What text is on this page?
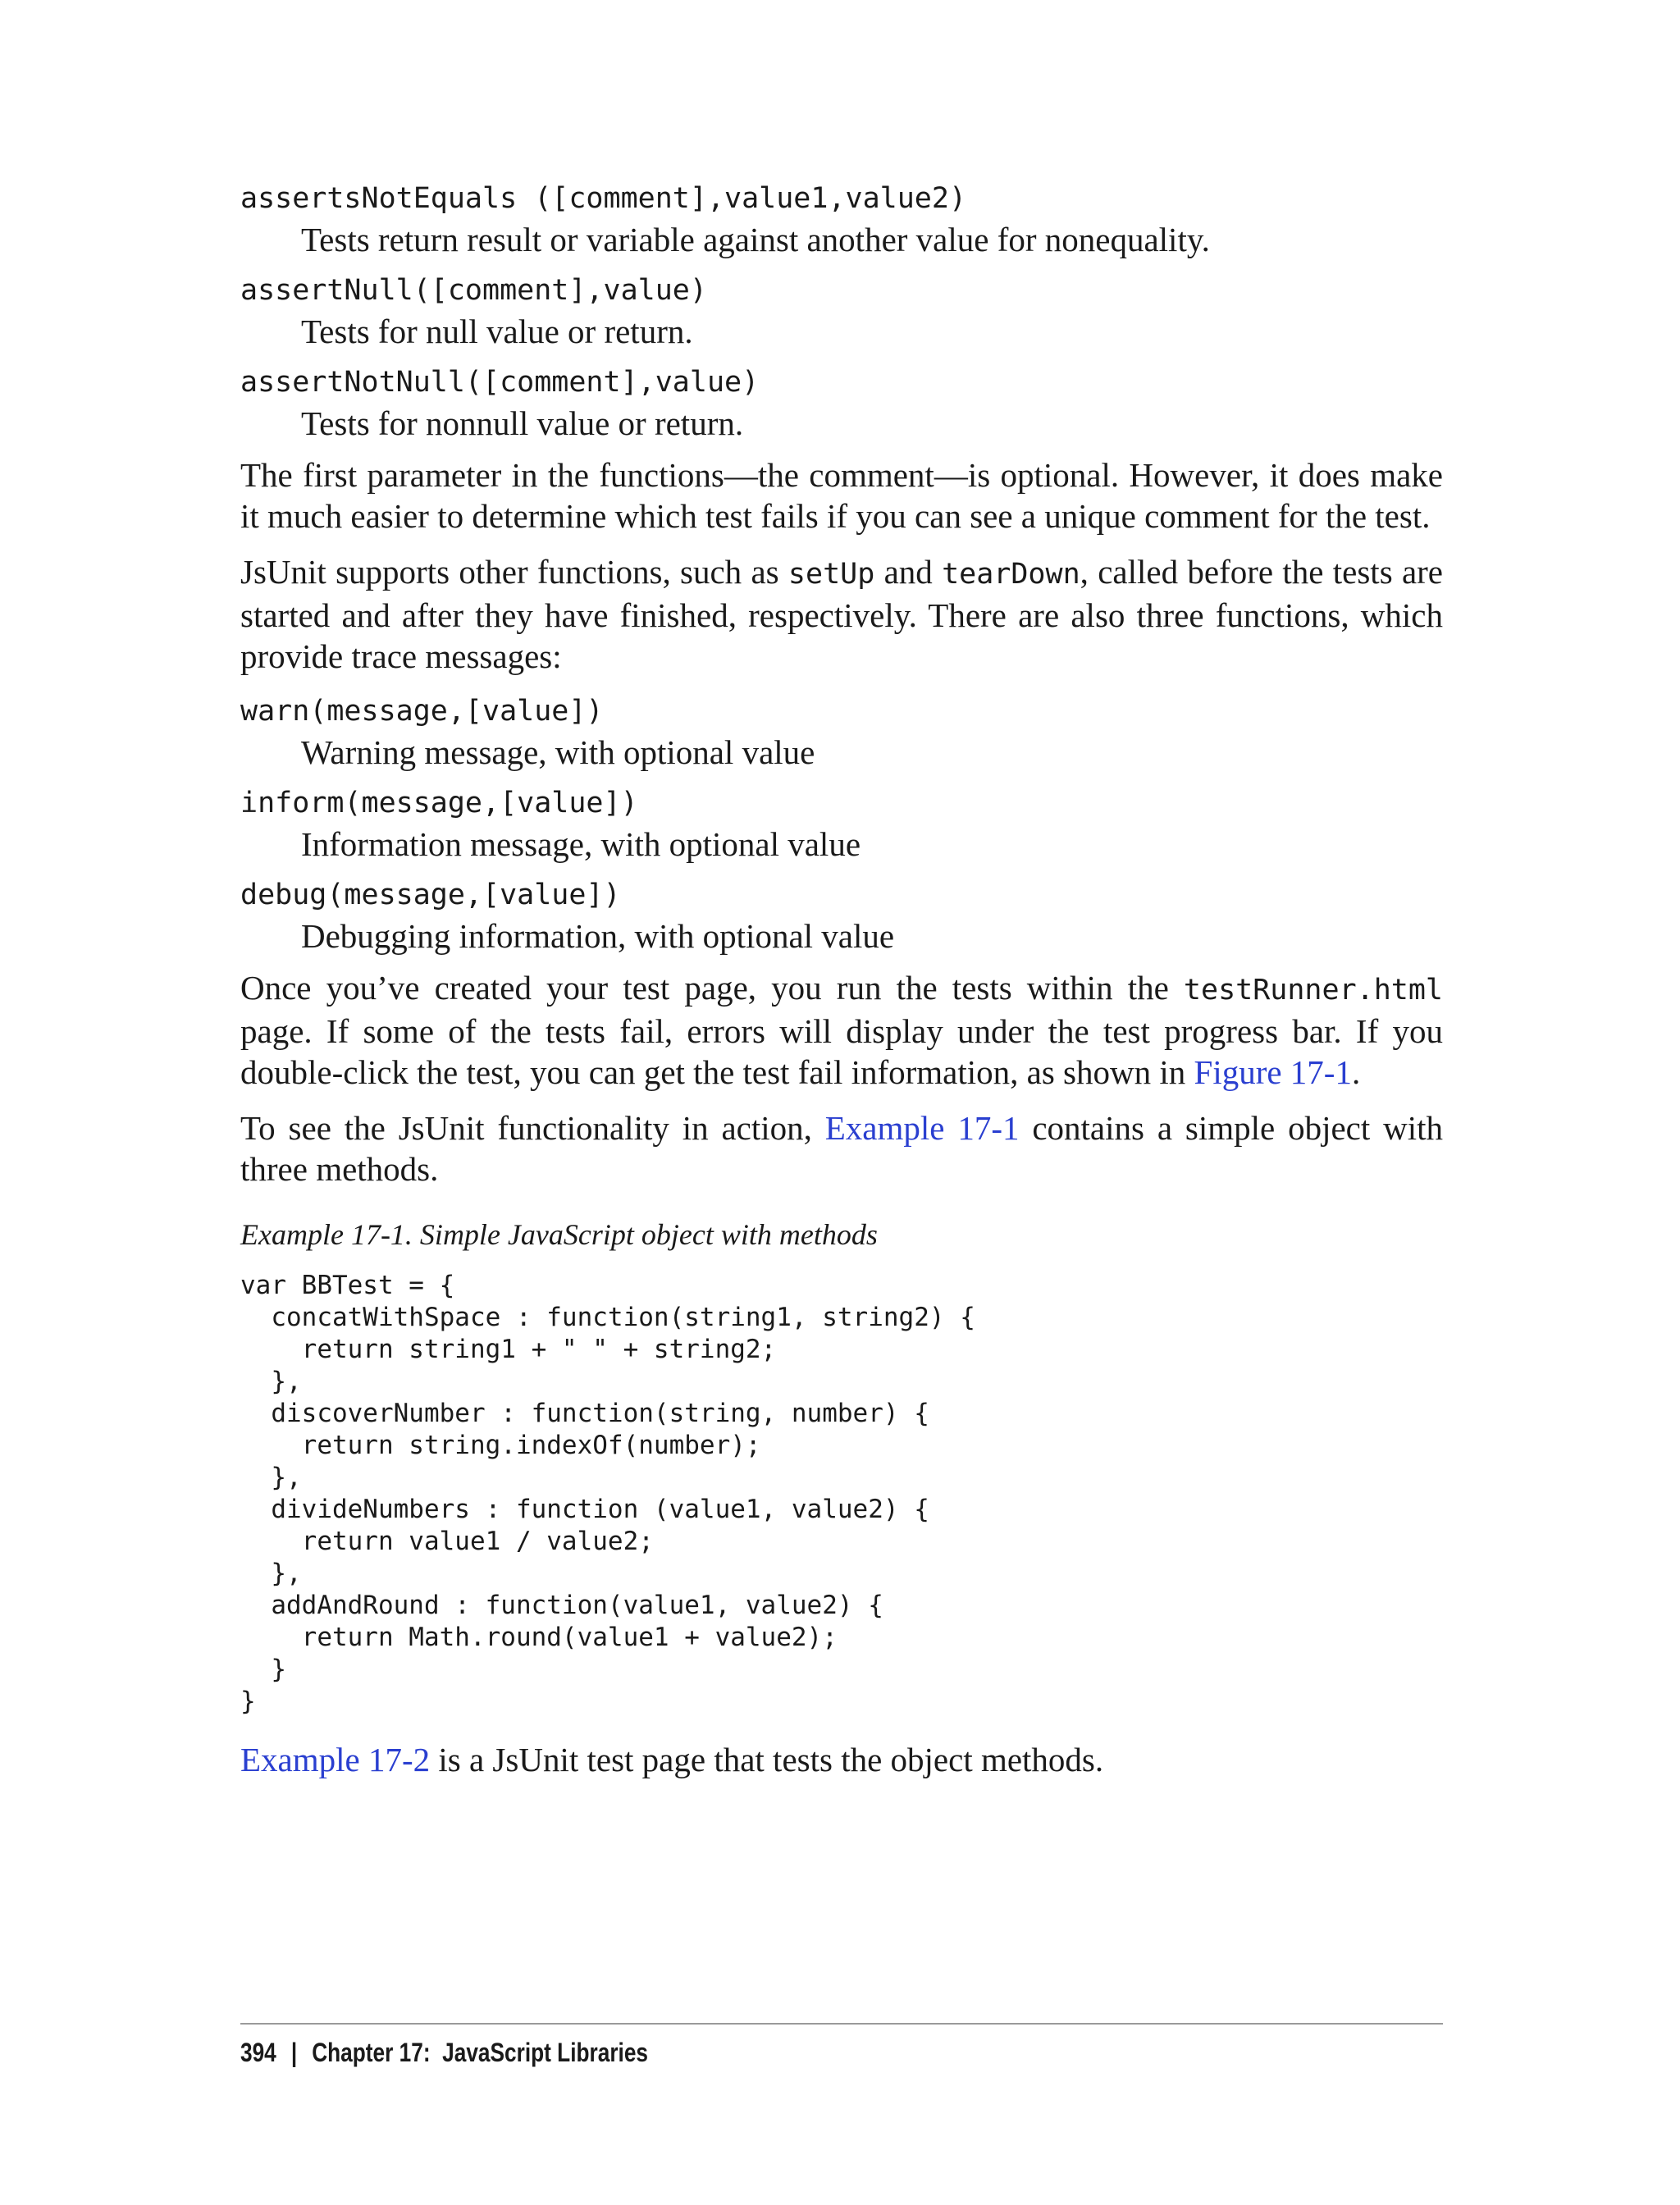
assertsNotEquals ([comment],value1,value2)

Tests return result or variable against another value for nonequality.

assertNull([comment],value)

Tests for null value or return.

assertNotNull([comment],value)

Tests for nonnull value or return.

The first parameter in the functions—the comment—is optional. However, it does make it much easier to determine which test fails if you can see a unique comment for the test.

JsUnit supports other functions, such as setUp and tearDown, called before the tests are started and after they have finished, respectively. There are also three functions, which provide trace messages:

warn(message,[value])

Warning message, with optional value

inform(message,[value])

Information message, with optional value

debug(message,[value])

Debugging information, with optional value

Once you’ve created your test page, you run the tests within the testRunner.html page. If some of the tests fail, errors will display under the test progress bar. If you double-click the test, you can get the test fail information, as shown in Figure 17-1.

To see the JsUnit functionality in action, Example 17-1 contains a simple object with three methods.

Example 17-1. Simple JavaScript object with methods

var BBTest = {
concatWithSpace : function(string1, string2) {
return string1 + " " + string2;
},
discoverNumber : function(string, number) {
return string.indexOf(number);
},
divideNumbers : function (value1, value2) {
return value1 / value2;
},
addAndRound : function(value1, value2) {
return Math.round(value1 + value2);
}
}

Example 17-2 is a JsUnit test page that tests the object methods.

394 | Chapter 17:  JavaScript Libraries
